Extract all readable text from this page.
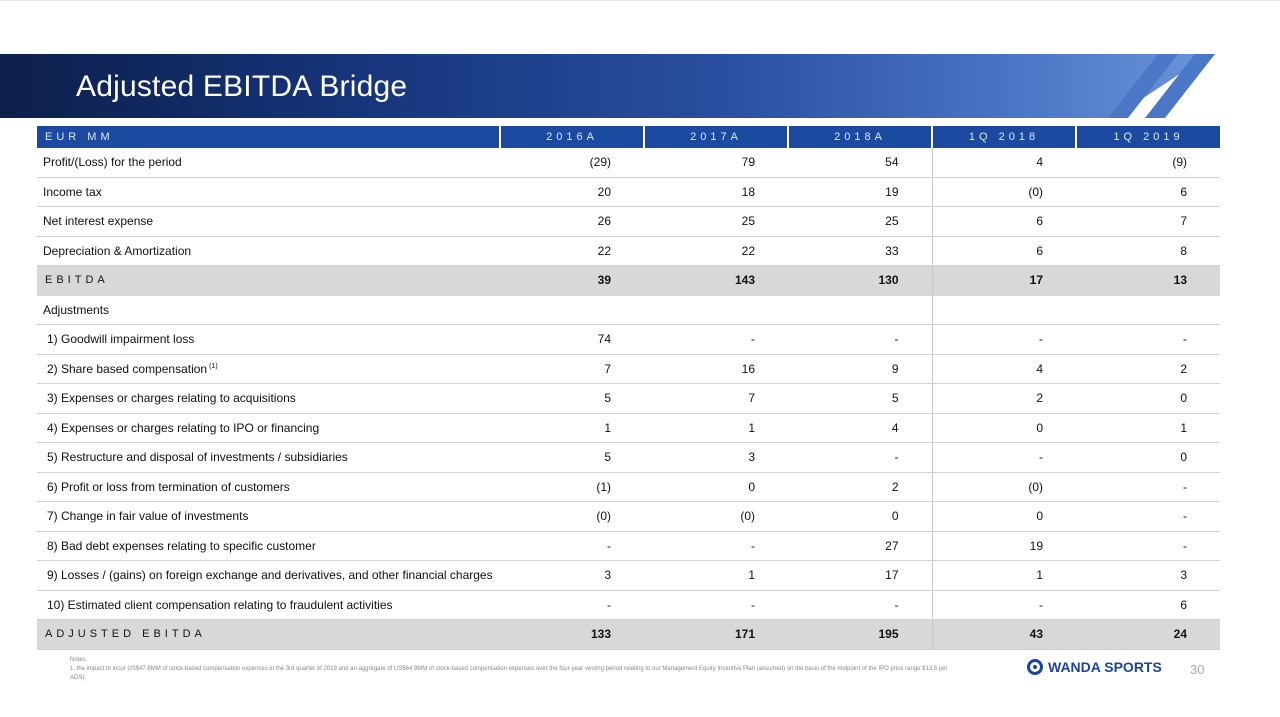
Adjusted EBITDA Bridge
EUR MM	2016A	2017A	2018A	1Q 2018	1Q 2019
Profit/(Loss) for the period	(29)	79	54	4	(9)
Income tax	20	18	19	(0)	6
Net interest expense	26	25	25	6	7
Depreciation & Amortization	22	22	33	6	8
EBITDA	39	143	130	17	13
Adjustments					
1) Goodwill impairment loss	74	-	-	-	-
2) Share based compensation $^{(1)}$	7	16	9	4	2
3) Expenses or charges relating to acquisitions	5	7	5	2	0
4) Expenses or charges relating to IPO or financing	1	1	4	0	1
5) Restructure and disposal of investments / subsidiaries	5	3	-	-	0
6) Profit or loss from termination of customers	(1)	0	2	(0)	-
7) Change in fair value of investments	(0)	(0)	0	0	-
8) Bad debt expenses relating to specific customer	-	-	27	19	-
9) Losses / (gains) on foreign exchange and derivatives, and other financial charges	3	1	17	1	3
10) Estimated client compensation relating to fraudulent activities	-	-	-	-	6
ADJUSTED EBITDA	133	171	195	43	24
Notes
1. the impact to incur US$47.8MM of stock-based compensation expenses in the 3rd quarter of 2019 and an aggregate of US$84.9MM of stock-based compensation expenses over the four-year vesting period relating to our Management Equity Incentive Plan (assumed) on the basis of the midpoint of the IPO price range $13.5 per ADS).
WANDA SPORTS 30
